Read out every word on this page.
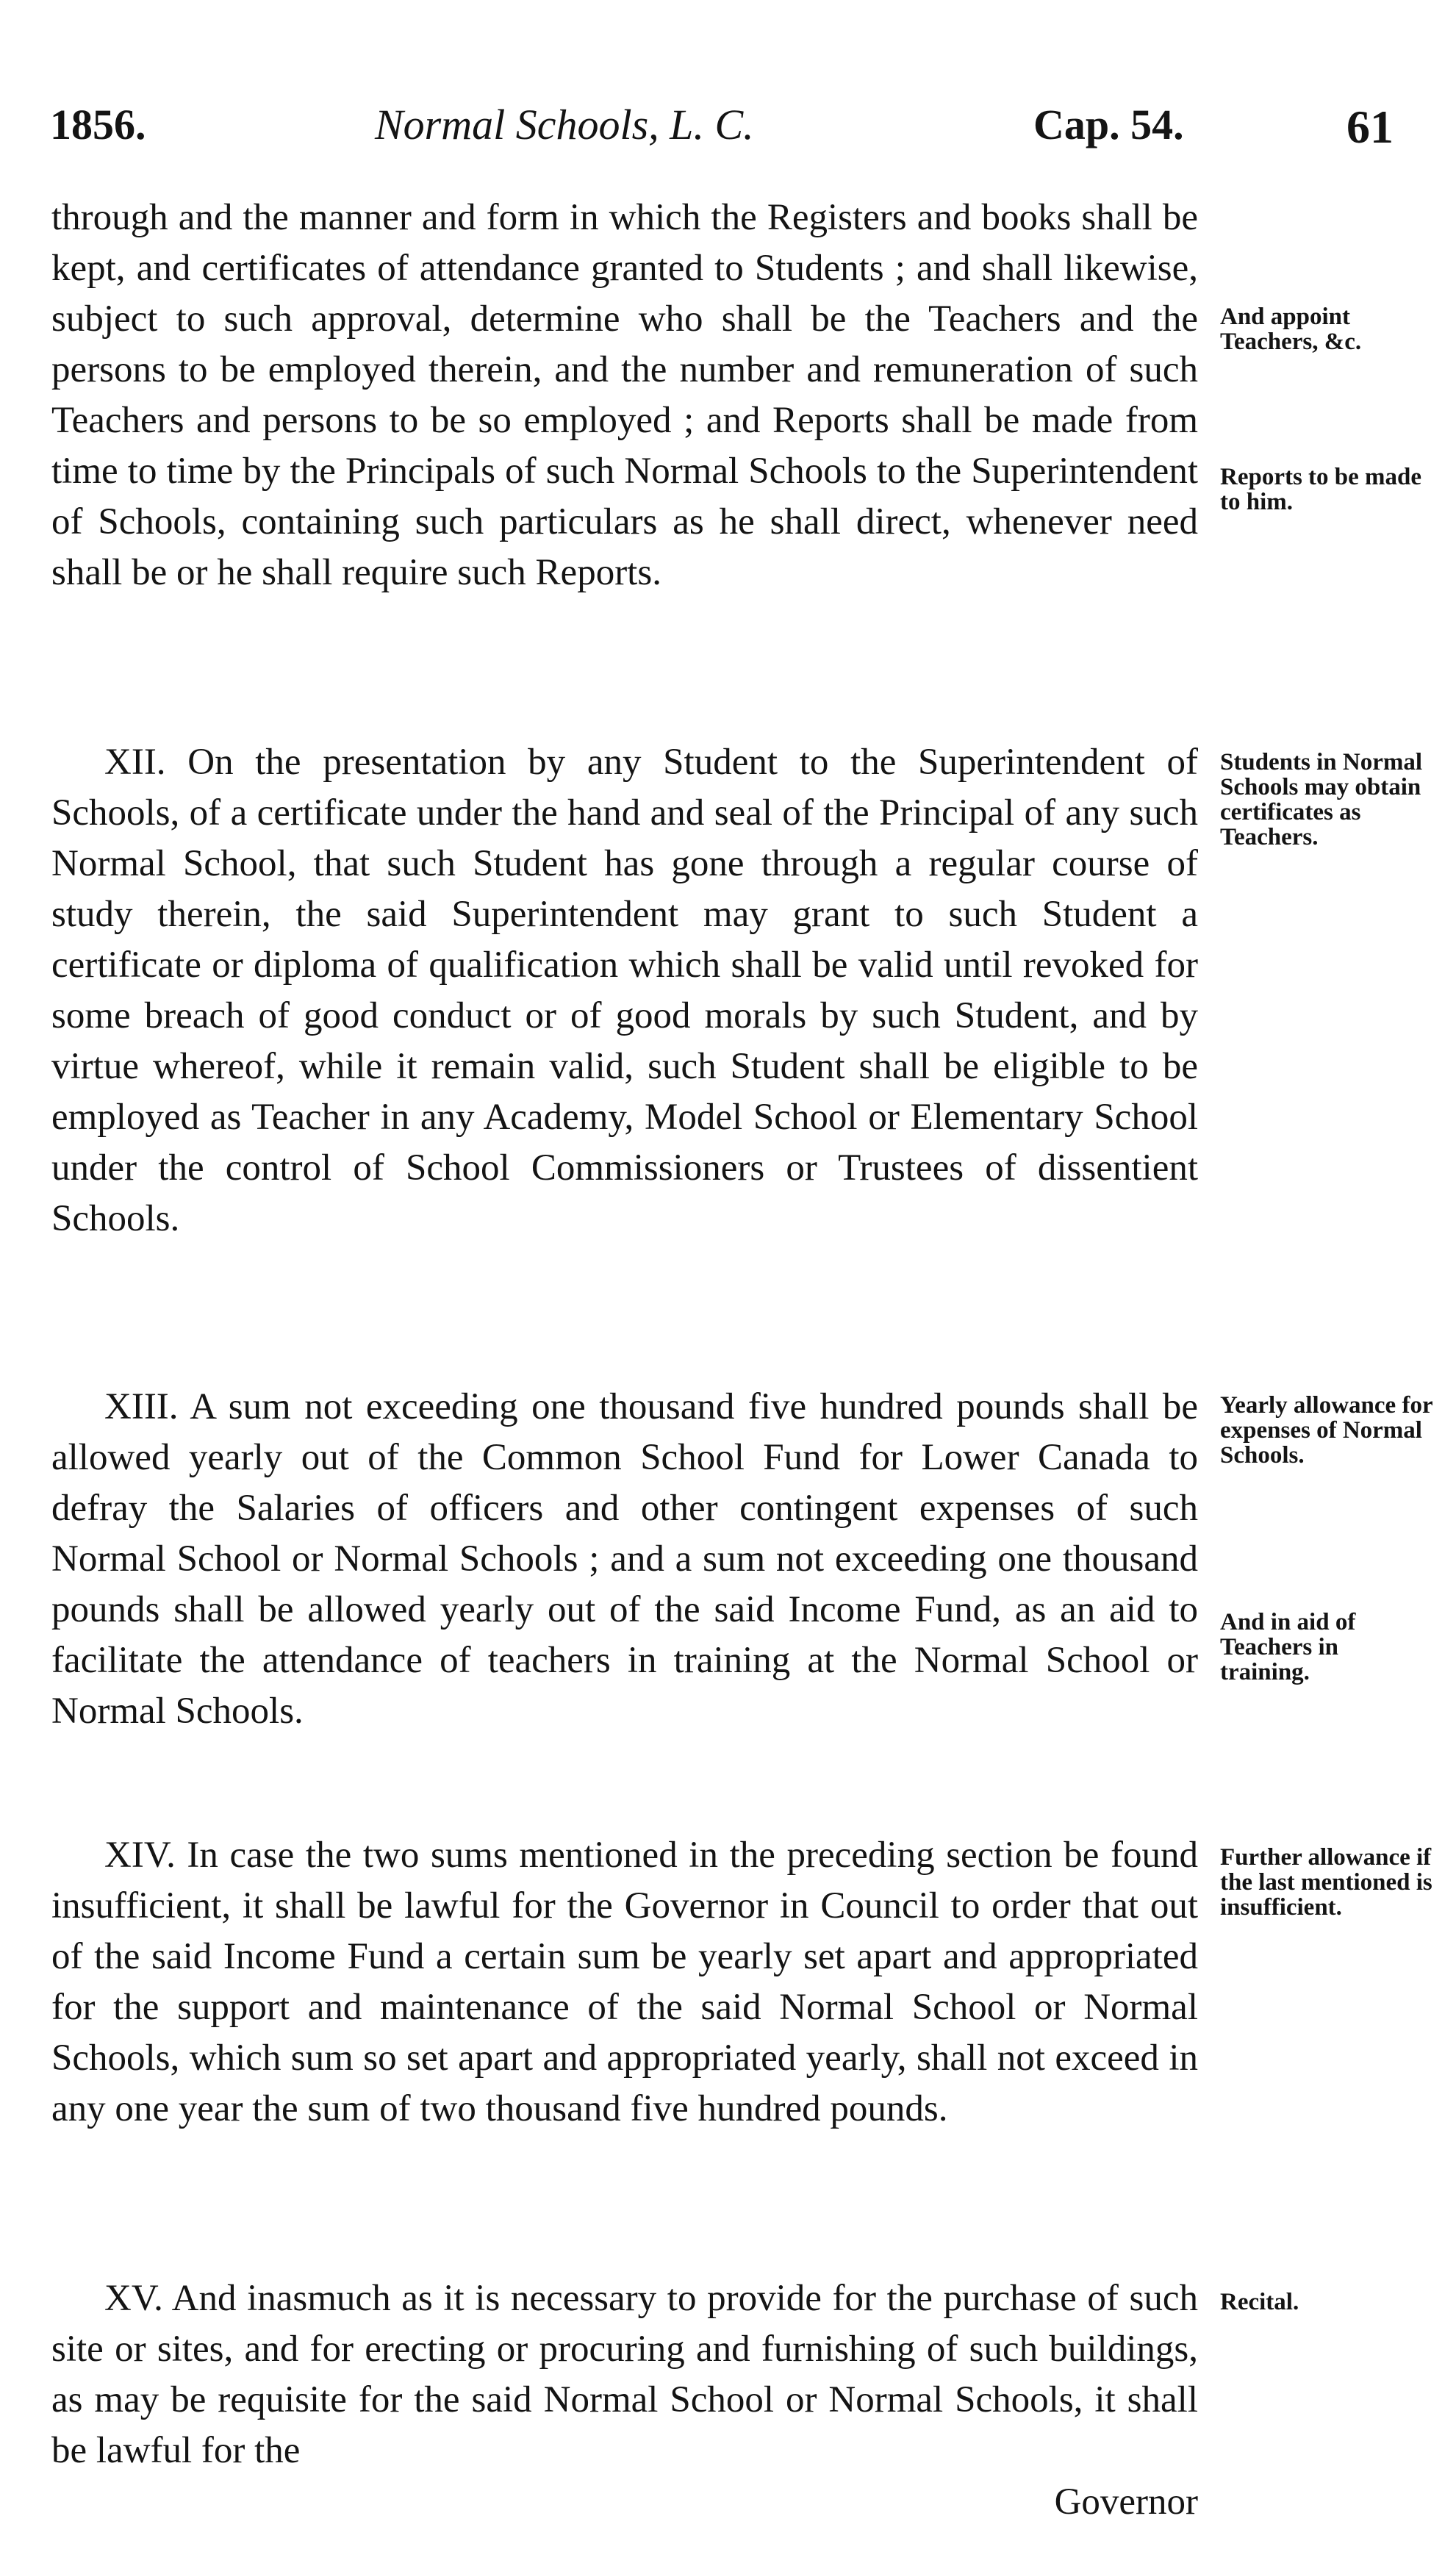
1856.	Normal Schools, L. C.	Cap. 54.	61

through and the manner and form in which the Registers and books shall be kept, and certificates of attendance granted to Students ; and shall likewise, subject to such approval, determine who shall be the Teachers and the persons to be employed therein, and the number and remuneration of such Teachers and persons to be so employed ; and Reports shall be made from time to time by the Principals of such Normal Schools to the Superintendent of Schools, containing such particulars as he shall direct, whenever need shall be or he shall require such Reports.

XII. On the presentation by any Student to the Superintendent of Schools, of a certificate under the hand and seal of the Principal of any such Normal School, that such Student has gone through a regular course of study therein, the said Superintendent may grant to such Student a certificate or diploma of qualification which shall be valid until revoked for some breach of good conduct or of good morals by such Student, and by virtue whereof, while it remain valid, such Student shall be eligible to be employed as Teacher in any Academy, Model School or Elementary School under the control of School Commissioners or Trustees of dissentient Schools.

XIII. A sum not exceeding one thousand five hundred pounds shall be allowed yearly out of the Common School Fund for Lower Canada to defray the Salaries of officers and other contingent expenses of such Normal School or Normal Schools ; and a sum not exceeding one thousand pounds shall be allowed yearly out of the said Income Fund, as an aid to facilitate the attendance of teachers in training at the Normal School or Normal Schools.

XIV. In case the two sums mentioned in the preceding section be found insufficient, it shall be lawful for the Governor in Council to order that out of the said Income Fund a certain sum be yearly set apart and appropriated for the support and maintenance of the said Normal School or Normal Schools, which sum so set apart and appropriated yearly, shall not exceed in any one year the sum of two thousand five hundred pounds.

XV. And inasmuch as it is necessary to provide for the purchase of such site or sites, and for erecting or procuring and furnishing of such buildings, as may be requisite for the said Normal School or Normal Schools, it shall be lawful for the

Governor

And appoint Teachers, &c.

Reports to be made to him.

Students in Normal Schools may obtain certificates as Teachers.

Yearly allowance for expenses of Normal Schools.

And in aid of Teachers in training.

Further allowance if the last mentioned is insufficient.

Recital.
